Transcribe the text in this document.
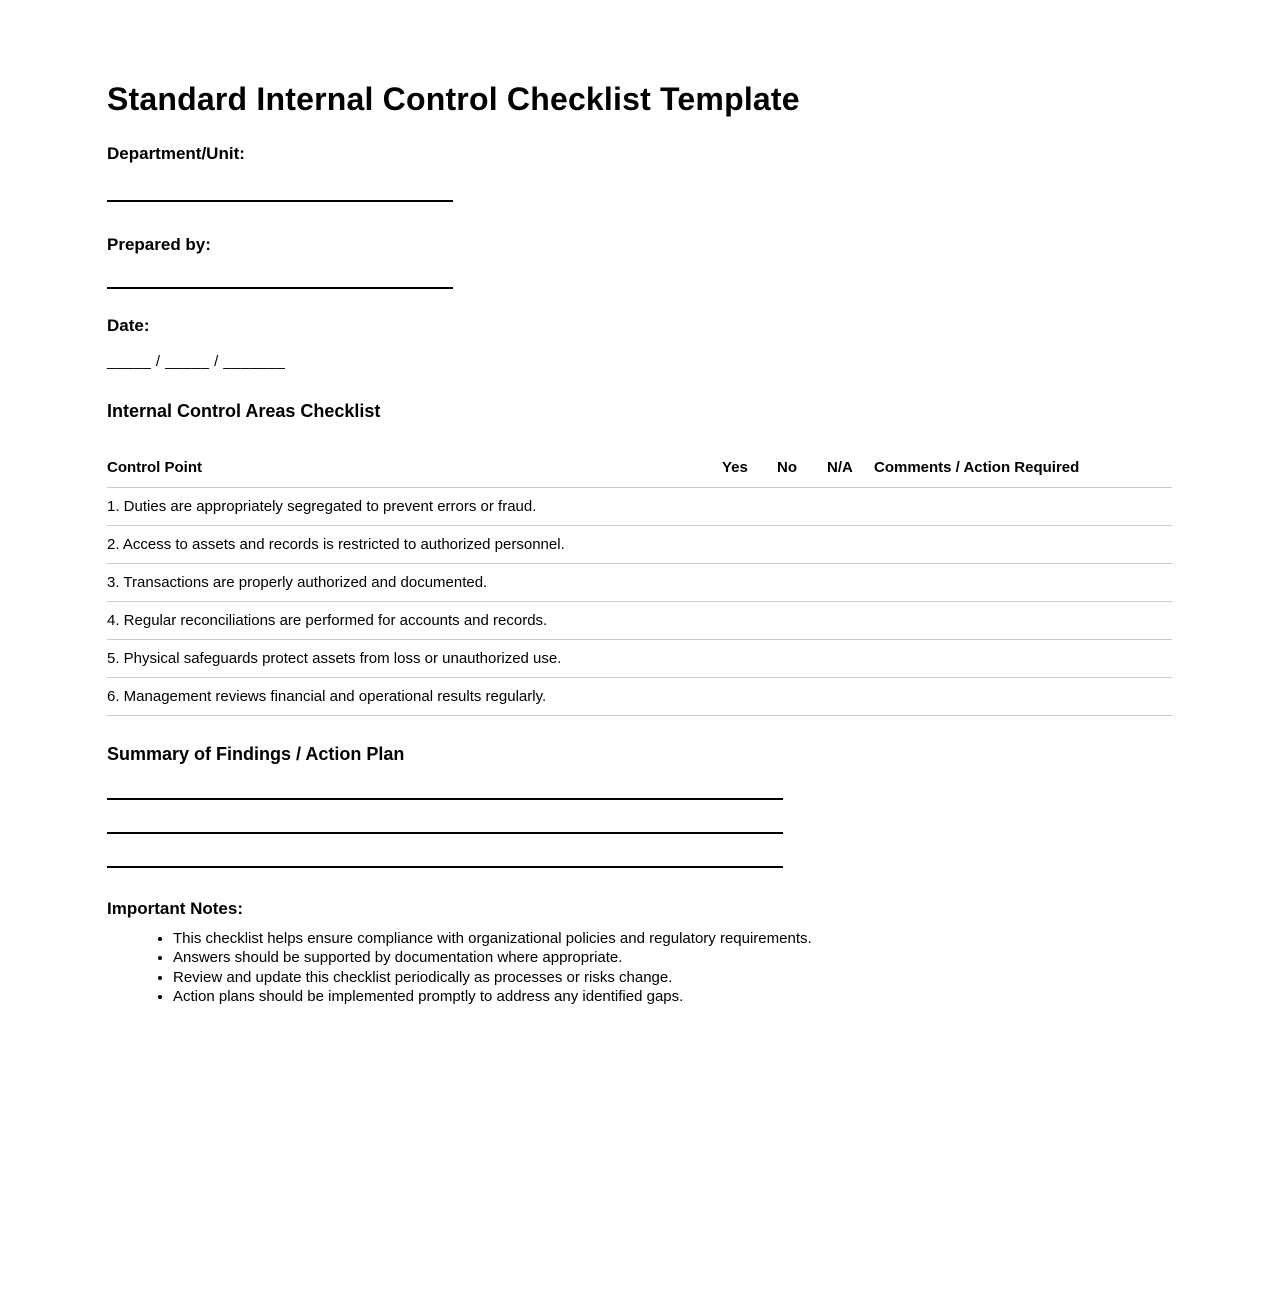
Standard Internal Control Checklist Template
Department/Unit:
Prepared by:
Date:
_____ / _____ / _______
Internal Control Areas Checklist
Control Point	Yes	No	N/A	Comments / Action Required
1. Duties are appropriately segregated to prevent errors or fraud.				
2. Access to assets and records is restricted to authorized personnel.				
3. Transactions are properly authorized and documented.				
4. Regular reconciliations are performed for accounts and records.				
5. Physical safeguards protect assets from loss or unauthorized use.				
6. Management reviews financial and operational results regularly.				
Summary of Findings / Action Plan
Important Notes:
• This checklist helps ensure compliance with organizational policies and regulatory requirements.
• Answers should be supported by documentation where appropriate.
• Review and update this checklist periodically as processes or risks change.
• Action plans should be implemented promptly to address any identified gaps.
